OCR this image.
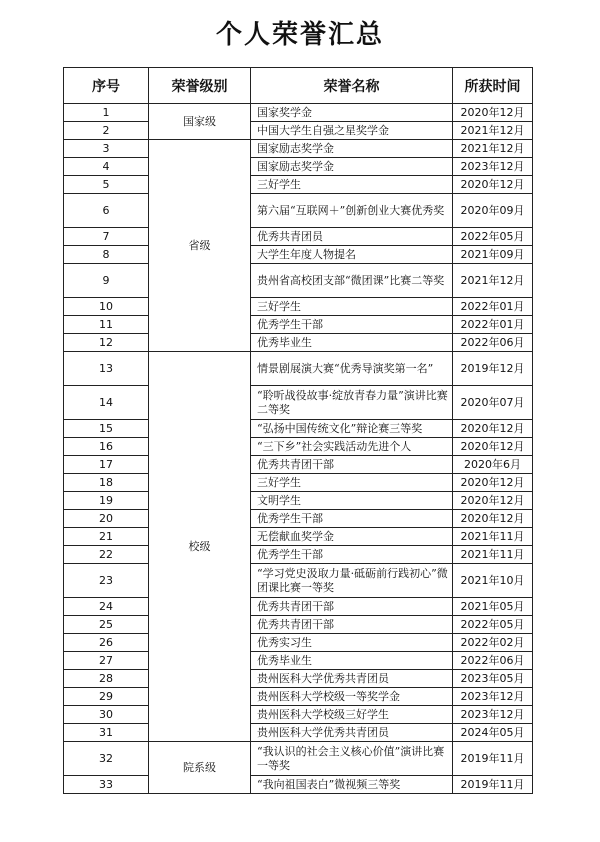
个人荣誉汇总
序号	荣誉级别	荣誉名称	所获时间
1	国家级	国家奖学金	2020年12月
2		中国大学生自强之星奖学金	2021年12月
3	省级	国家励志奖学金	2021年12月
4		国家励志奖学金	2023年12月
5		三好学生	2020年12月
6		第六届“互联网＋”创新创业大赛优秀奖	2020年09月
7		优秀共青团员	2022年05月
8		大学生年度人物提名	2021年09月
9		贵州省高校团支部“微团课”比赛二等奖	2021年12月
10		三好学生	2022年01月
11		优秀学生干部	2022年01月
12		优秀毕业生	2022年06月
13	校级	情景剧展演大赛“优秀导演奖第一名”	2019年12月
14		“聆听战役故事·绽放青春力量”演讲比赛二等奖	2020年07月
15		“弘扬中国传统文化”辩论赛三等奖	2020年12月
16		“三下乡”社会实践活动先进个人	2020年12月
17		优秀共青团干部	2020年6月
18		三好学生	2020年12月
19		文明学生	2020年12月
20		优秀学生干部	2020年12月
21		无偿献血奖学金	2021年11月
22		优秀学生干部	2021年11月
23		“学习党史汲取力量·砥砺前行践初心”微团课比赛一等奖	2021年10月
24		优秀共青团干部	2021年05月
25		优秀共青团干部	2022年05月
26		优秀实习生	2022年02月
27		优秀毕业生	2022年06月
28		贵州医科大学优秀共青团员	2023年05月
29		贵州医科大学校级一等奖学金	2023年12月
30		贵州医科大学校级三好学生	2023年12月
31		贵州医科大学优秀共青团员	2024年05月
32	院系级	“我认识的社会主义核心价值”演讲比赛一等奖	2019年11月
33		“我向祖国表白”微视频三等奖	2019年11月
